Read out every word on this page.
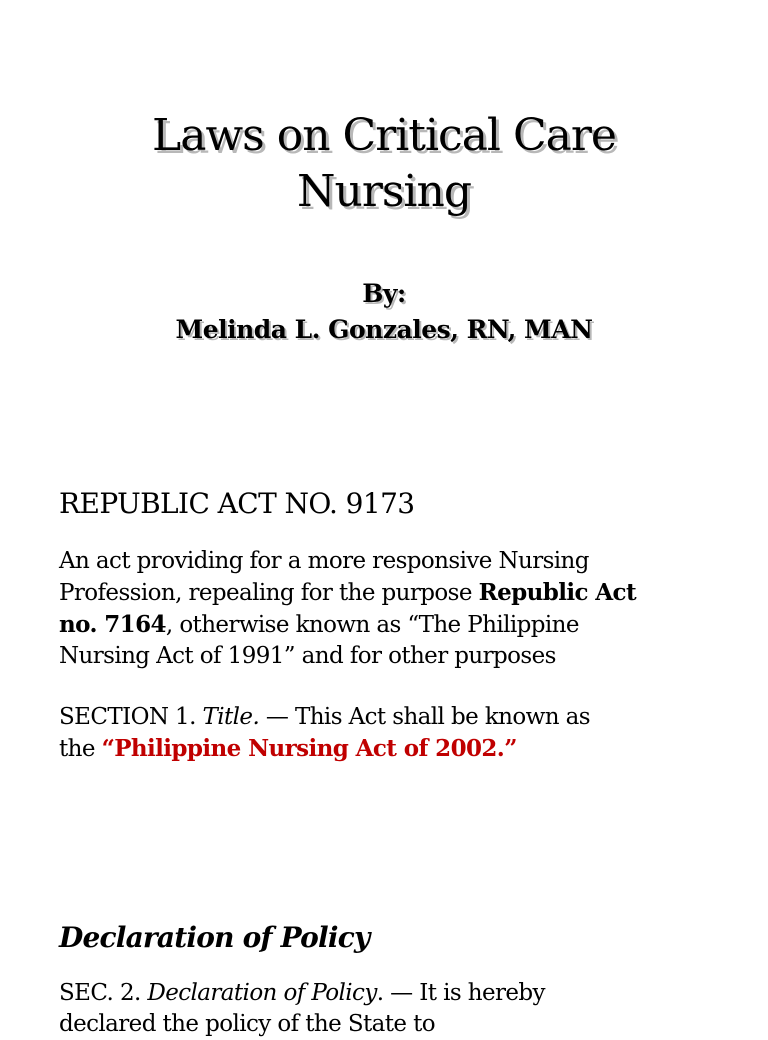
Laws on Critical Care
Nursing
By:
Melinda L. Gonzales, RN, MAN
REPUBLIC ACT NO. 9173
An act providing for a more responsive Nursing
Profession, repealing for the purpose Republic Act
no. 7164, otherwise known as “The Philippine
Nursing Act of 1991” and for other purposes
SECTION 1. Title. — This Act shall be known as
the “Philippine Nursing Act of 2002.”
Declaration of Policy
SEC. 2. Declaration of Policy. — It is hereby
declared the policy of the State to
